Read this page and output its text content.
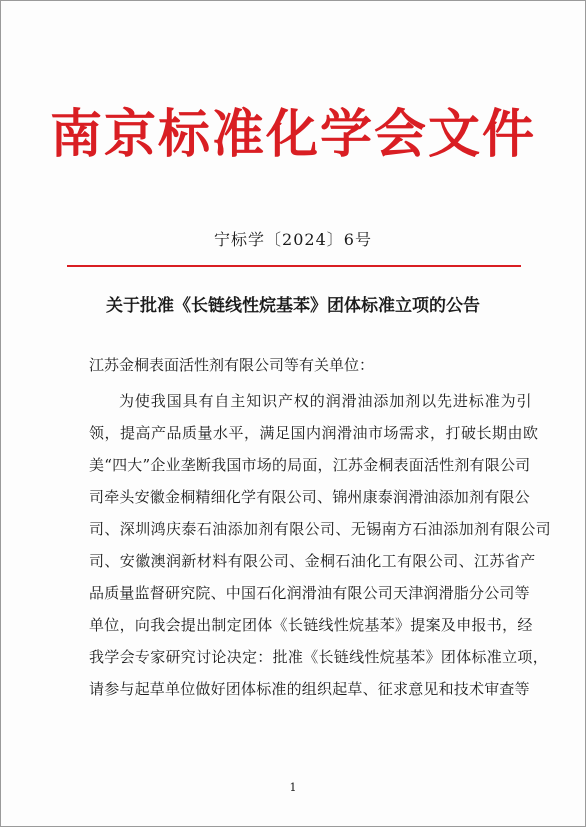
南京标准化学会文件
宁标学〔2024〕6号
关于批准《长链线性烷基苯》团体标准立项的公告
江苏金桐表面活性剂有限公司等有关单位：
为使我国具有自主知识产权的润滑油添加剂以先进标准为引
领，提高产品质量水平，满足国内润滑油市场需求，打破长期由欧
美“四大”企业垄断我国市场的局面，江苏金桐表面活性剂有限公司
司牵头安徽金桐精细化学有限公司、锦州康泰润滑油添加剂有限公
司、深圳鸿庆泰石油添加剂有限公司、无锡南方石油添加剂有限公司
司、安徽澳润新材料有限公司、金桐石油化工有限公司、江苏省产
品质量监督研究院、中国石化润滑油有限公司天津润滑脂分公司等
单位，向我会提出制定团体《长链线性烷基苯》提案及申报书，经
我学会专家研究讨论决定：批准《长链线性烷基苯》团体标准立项，
请参与起草单位做好团体标准的组织起草、征求意见和技术审查等
1
